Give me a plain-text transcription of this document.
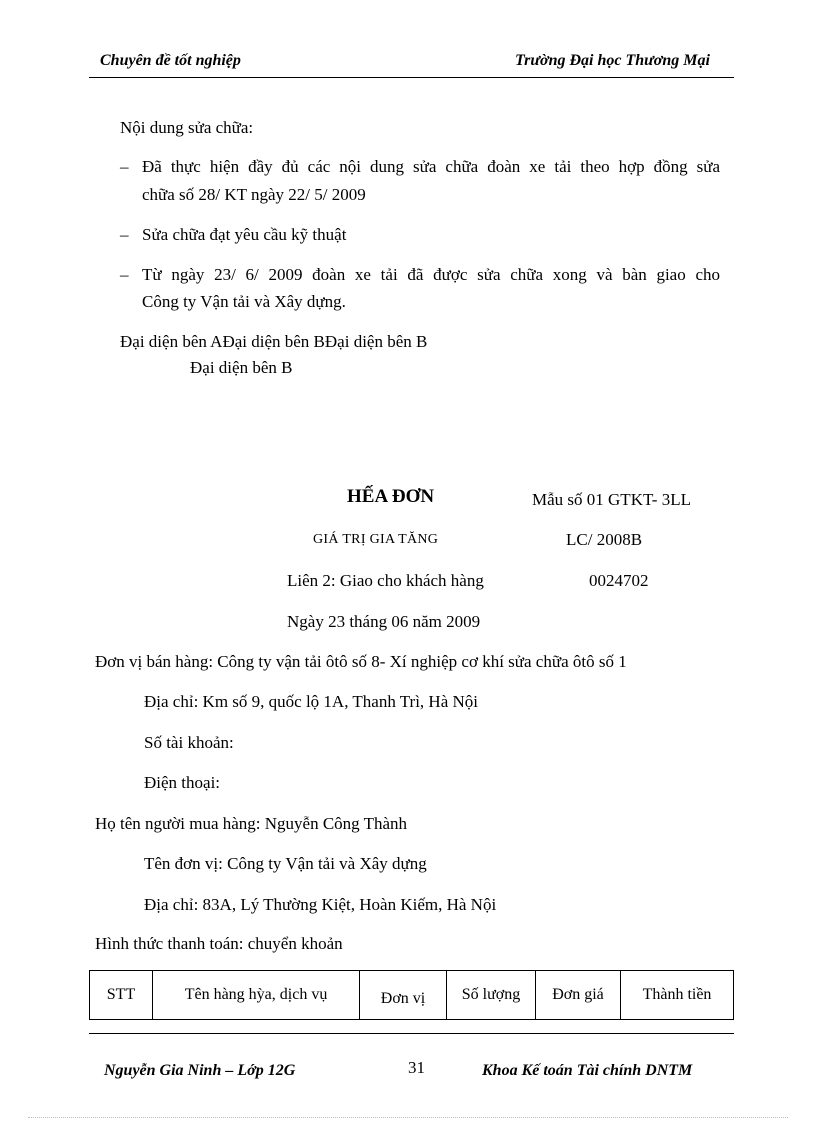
Chuyên đề tốt nghiệp	Trường Đại học Thương Mại
Nội dung sửa chữa:
– Đã thực hiện đầy đủ các nội dung sửa chữa đoàn xe tải theo hợp đồng sửa
chữa số 28/ KT ngày 22/ 5/ 2009
– Sửa chữa đạt yêu cầu kỹ thuật
– Từ ngày 23/ 6/ 2009 đoàn xe tải đã được sửa chữa xong và bàn giao cho
Công ty Vận tải và Xây dựng.
Đại diện bên AĐại diện bên BĐại diện bên B
Đại diện bên B
HẾA ĐƠN	Mẫu số 01 GTKT- 3LL
GIÁ TRỊ GIA TĂNG	LC/ 2008B
Liên 2: Giao cho khách hàng	0024702
Ngày 23 tháng 06 năm 2009
Đơn vị bán hàng: Công ty vận tải ôtô số 8- Xí nghiệp cơ khí sửa chữa ôtô số 1
Địa chỉ: Km số 9, quốc lộ 1A, Thanh Trì, Hà Nội
Số tài khoản:
Điện thoại:
Họ tên người mua hàng: Nguyễn Công Thành
Tên đơn vị: Công ty Vận tải và Xây dựng
Địa chỉ: 83A, Lý Thường Kiệt, Hoàn Kiếm, Hà Nội
Hình thức thanh toán: chuyển khoản
STT	Tên hàng hỳa, dịch vụ	Đơn vị	Số lượng	Đơn giá	Thành tiền
Nguyễn Gia Ninh – Lớp 12G	31	Khoa Kế toán Tài chính DNTM
